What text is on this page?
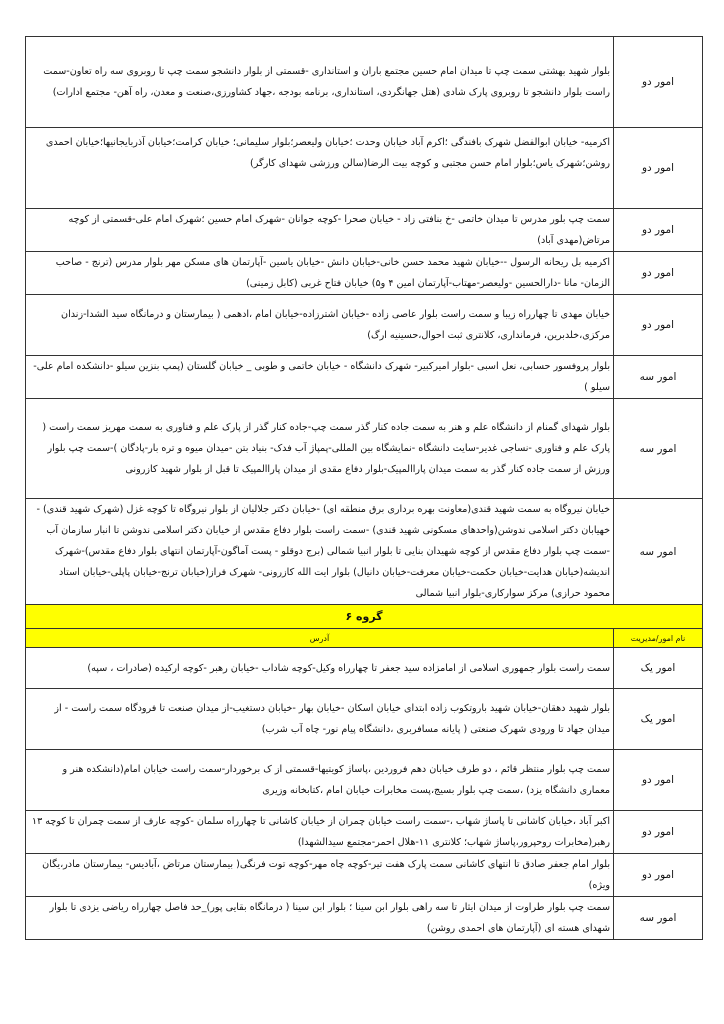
امور دو	بلوار شهید بهشتی سمت چپ تا میدان امام حسین مجتمع باران و استانداری -قسمتی از بلوار دانشجو سمت چپ تا روبروی سه راه تعاون-سمت راست بلوار دانشجو تا روبروی پارک شادی (هتل جهانگردی، استانداری، برنامه بودجه ،جهاد کشاورزی،صنعت و معدن، راه آهن- مجتمع ادارات)
امور دو	اکرمیه- خیابان ابوالفضل شهرک بافندگی ؛اکرم آباد خیابان وحدت ؛خیابان ولیعصر؛بلوار سلیمانی؛ خیابان کرامت؛خیابان آذربایجانیها؛خیابان احمدی روشن؛شهرک یاس؛بلوار امام حسن مجتبی و کوچه بیت الرضا(سالن ورزشی شهدای کارگر)
امور دو	سمت چپ بلور مدرس تا میدان خاتمی -خ بنافتی زاد - خیابان صحرا -کوچه جوانان -شهرک امام حسین ؛شهرک امام علی-قسمتی از کوچه مرتاض(مهدی آباد)
امور دو	اکرمیه بل ریحانه الرسول --خیابان شهید محمد حسن خانی-خیابان دانش -خیابان یاسین -آپارتمان های مسکن مهر بلوار مدرس (ترنج - صاحب الزمان- مانا -دارالحسین -ولیعصر-مهتاب-آپارتمان امین ۴ و۵) خیابان فتاح غربی (کابل زمینی)
امور دو	خیابان مهدی تا چهارراه زیبا و سمت راست بلوار عاصی زاده -خیابان اشترزاده-خیابان امام ،ادهمی ( بیمارستان و درمانگاه سید الشدا-زندان مرکزی،خلدبرین، فرمانداری، کلانتری ثبت احوال،حسینیه ارگ)
امور سه	بلوار پروفسور حسابی، نعل اسبی -بلوار امیرکبیر- شهرک دانشگاه - خیابان خاتمی و طوبی _ خیابان گلستان (پمپ بنزین سیلو -دانشکده امام علی-سیلو )
امور سه	بلوار شهدای گمنام از دانشگاه علم و هنر به سمت جاده کنار گذر سمت چپ-جاده کنار گذر از پارک علم و فناوری به سمت مهریز سمت راست ( پارک علم و فناوری -نساجی غدیر-سایت دانشگاه -نمایشگاه بین المللی-پمپاژ آب فدک- بنیاد بتن -میدان میوه و تره بار-پادگان )-سمت چپ بلوار ورزش از سمت جاده کنار گذر به سمت میدان پاراالمپیک-بلوار دفاع مقدی از میدان پاراالمپیک تا قبل از بلوار شهید کازرونی
امور سه	خیابان نیروگاه به سمت شهید قندی(معاونت بهره برداری برق منطقه ای) -خیابان دکتر جلالیان از بلوار نیروگاه تا کوچه غزل (شهرک شهید قندی) - خهیابان دکتر اسلامی ندوشن(واحدهای مسکونی شهید قندی) -سمت راست بلوار دفاع مقدس از خیابان دکتر اسلامی ندوشن تا انبار سازمان آب -سمت چپ بلوار دفاع مقدس از کوچه شهیدان بنایی تا بلوار انبیا شمالی (برج دوقلو - پست آماگون-آپارتمان انتهای بلوار دفاع مقدس)-شهرک اندیشه(خیابان هدایت-خیابان حکمت-خیابان معرفت-خیابان دانیال) بلوار ایت الله کازرونی- شهرک فراز(خیابان ترنج-خیابان پاپلی-خیابان استاد محمود حرازی) مرکز سوارکاری-بلوار انبیا شمالی
گروه ۶	
نام امور/مدیریت	آدرس
امور یک	سمت راست بلوار جمهوری اسلامی از امامزاده سید جعفر تا چهارراه وکیل-کوچه شاداب -خیابان رهبر -کوچه ارکیده (صادرات ، سپه)
امور یک	بلوار شهید دهقان-خیابان شهید باروتکوب زاده ابتدای خیابان اسکان -خیابان بهار -خیابان دستغیب-از میدان صنعت تا فرودگاه سمت راست - از میدان جهاد تا ورودی شهرک صنعتی ( پایانه مسافربری ،دانشگاه پیام نور- چاه آب شرب)
امور دو	سمت چپ بلوار منتظر قائم ، دو طرف خیابان دهم فروردین ،پاساژ کویتیها-قسمتی از ک برخوردار-سمت راست خیابان امام(دانشکده هنر و معماری دانشگاه یزد) ،سمت چپ بلوار بسیج،پست مخابرات خیابان امام ،کتابخانه وزیری
امور دو	اکبر آباد ،خیابان کاشانی تا پاساژ شهاب ،-سمت راست خیابان چمران از خیابان کاشانی تا چهارراه سلمان -کوچه عارف از سمت چمران تا کوچه ۱۳ رهبر(مخابرات روحپرور،پاساژ شهاب؛ کلانتری ۱۱-هلال احمر-مجتمع سیدالشهدا)
امور دو	بلوار امام جعفر صادق تا انتهای کاشانی سمت پارک هفت تیر-کوچه چاه مهر-کوچه توت فرنگی( بیمارستان مرتاض ،آبادیس- بیمارستان مادر،یگان ویژه)
امور سه	سمت چپ بلوار طراوت از میدان ایثار تا سه راهی بلوار ابن سینا ؛ بلوار ابن سینا ( درمانگاه بقایی پور)_حد فاصل چهارراه ریاضی یزدی تا بلوار شهدای هسته ای (آپارتمان های احمدی روشن)
